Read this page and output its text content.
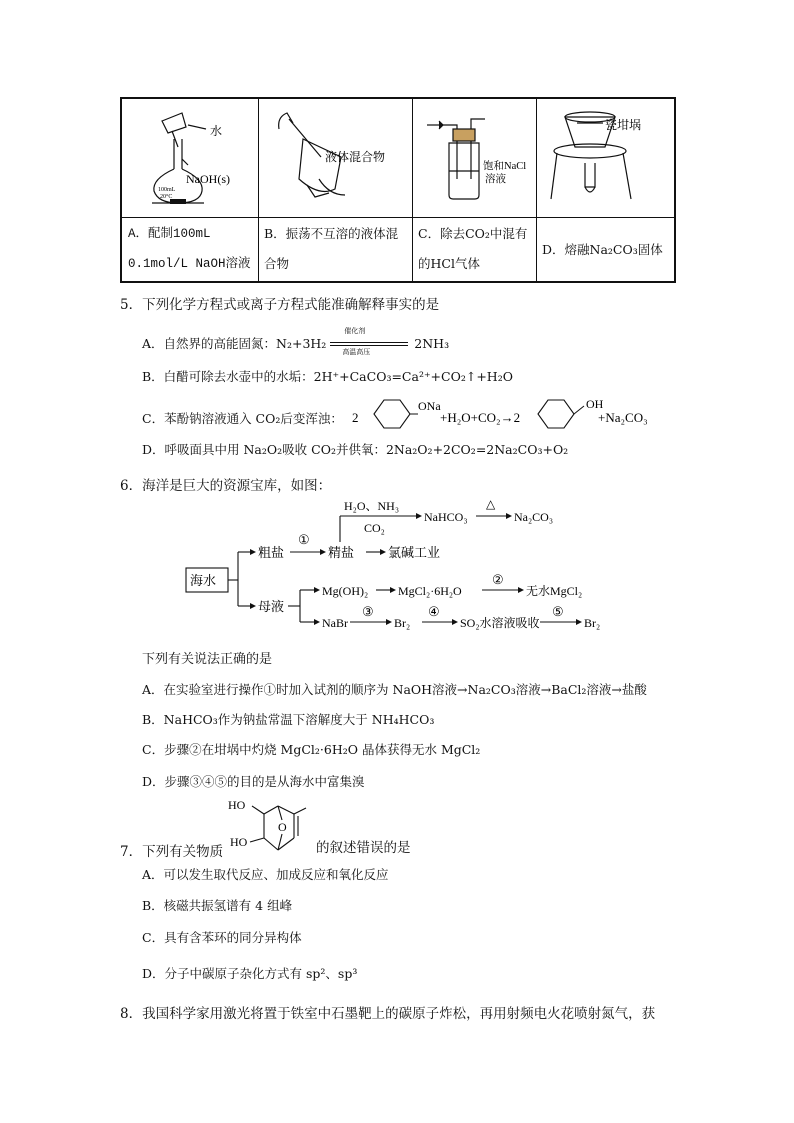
水
NaOH(s)
100mL
20°C
液体混合物
饱和NaCl
溶液
瓷坩埚
A．配制100mL
0.1mol/L NaOH溶液
B．振荡不互溶的液体混
合物
C．除去CO₂中混有
的HCl气体
D．熔融Na₂CO₃固体
5．下列化学方程式或离子方程式能准确解释事实的是
A．自然界的高能固氮：N₂+3H₂
催化剂
高温高压
2NH₃
B．白醋可除去水壶中的水垢：2H⁺+CaCO₃=Ca²⁺+CO₂↑+H₂O
C．苯酚钠溶液通入 CO₂后变浑浊： 2
ONa
+H₂O+CO₂→2
OH
+Na₂CO₃
D．呼吸面具中用 Na₂O₂吸收 CO₂并供氧：2Na₂O₂+2CO₂=2Na₂CO₃+O₂
6．海洋是巨大的资源宝库，如图：
海水
粗盐
①
精盐	氯碱工业
H₂O、NH₃
CO₂
NaHCO₃
△
Na₂CO₃
母液
Mg(OH)₂ MgCl₂·6H₂O
②
无水MgCl₂
NaBr
③
Br₂
④
SO₂水溶液吸收
⑤
Br₂
下列有关说法正确的是
A．在实验室进行操作①时加入试剂的顺序为 NaOH溶液→Na₂CO₃溶液→BaCl₂溶液→盐酸
B．NaHCO₃作为钠盐常温下溶解度大于 NH₄HCO₃
C．步骤②在坩埚中灼烧 MgCl₂·6H₂O 晶体获得无水 MgCl₂
D．步骤③④⑤的目的是从海水中富集溴
7．下列有关物质
HO
HO
O
的叙述错误的是
A．可以发生取代反应、加成反应和氧化反应
B．核磁共振氢谱有 4 组峰
C．具有含苯环的同分异构体
D．分子中碳原子杂化方式有 sp²、sp³
8．我国科学家用激光将置于铁室中石墨靶上的碳原子炸松，再用射频电火花喷射氮气，获
